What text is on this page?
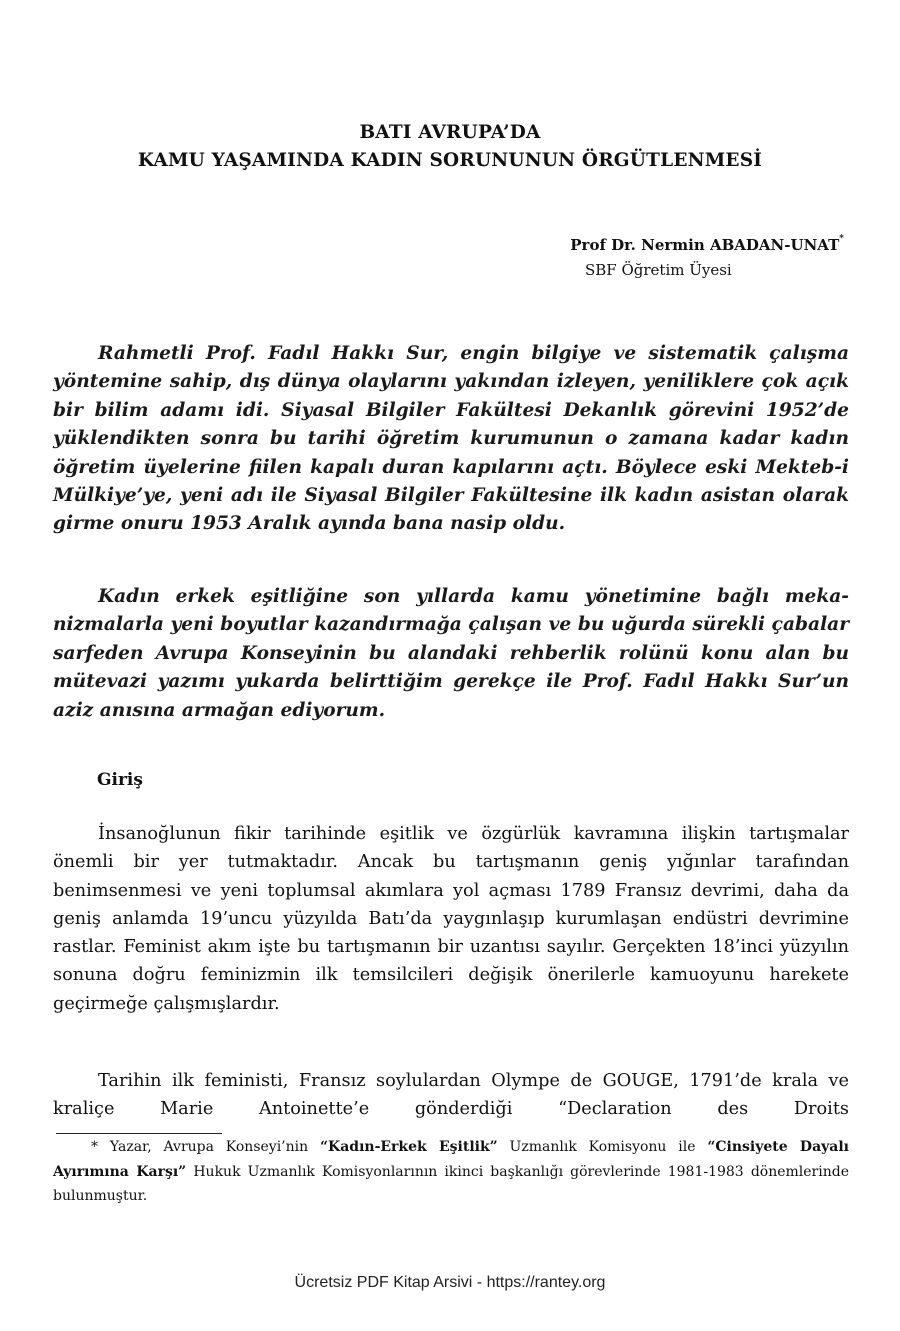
BATI AVRUPA’DA
KAMU YAŞAMINDA KADIN SORUNUNUN ÖRGÜTLENMESİ
Prof Dr. Nermin ABADAN-UNAT*
SBF Öğretim Üyesi

Rahmetli Prof. Fadıl Hakkı Sur, engin bilgiye ve sistematik çalışma yöntemine sahip, dış dünya olaylarını yakından izleyen, yeniliklere çok açık bir bilim adamı idi. Siyasal Bilgiler Fakültesi Dekanlık görevini 1952’de yüklendikten sonra bu tarihi öğretim kurumunun o zamana kadar kadın öğretim üyelerine fiilen kapalı duran kapılarını açtı. Böylece eski Mekteb-i Mülkiye’ye, yeni adı ile Siyasal Bilgiler Fakültesine ilk kadın asistan olarak girme onuru 1953 Aralık ayında bana nasip oldu.

Kadın erkek eşitliğine son yıllarda kamu yönetimine bağlı mekanizmalarla yeni boyutlar kazandırmağa çalışan ve bu uğurda sürekli çabalar sarfeden Avrupa Konseyinin bu alandaki rehberlik rolünü konu alan bu mütevazi yazımı yukarda belirttiğim gerekçe ile Prof. Fadıl Hakkı Sur’un aziz anısına armağan ediyorum.

Giriş

İnsanoğlunun fikir tarihinde eşitlik ve özgürlük kavramına ilişkin tartışmalar önemli bir yer tutmaktadır. Ancak bu tartışmanın geniş yığınlar tarafından benimsenmesi ve yeni toplumsal akımlara yol açması 1789 Fransız devrimi, daha da geniş anlamda 19’uncu yüzyılda Batı’da yaygınlaşıp kurumlaşan endüstri devrimine rastlar. Feminist akım işte bu tartışmanın bir uzantısı sayılır. Gerçekten 18’inci yüzyılın sonuna doğru feminizmin ilk temsilcileri değişik önerilerle kamuoyunu harekete geçirmeğe çalışmışlardır.

Tarihin ilk feministi, Fransız soylulardan Olympe de GOUGE, 1791’de krala ve kraliçe Marie Antoinette’e gönderdiği “Declaration des Droits

* Yazar, Avrupa Konseyi’nin “Kadın-Erkek Eşitlik” Uzmanlık Komisyonu ile “Cinsiyete Dayalı Ayırımına Karşı” Hukuk Uzmanlık Komisyonlarının ikinci başkanlığı görevlerinde 1981-1983 dönemlerinde bulunmuştur.

Ücretsiz PDF Kitap Arsivi - https://rantey.org
